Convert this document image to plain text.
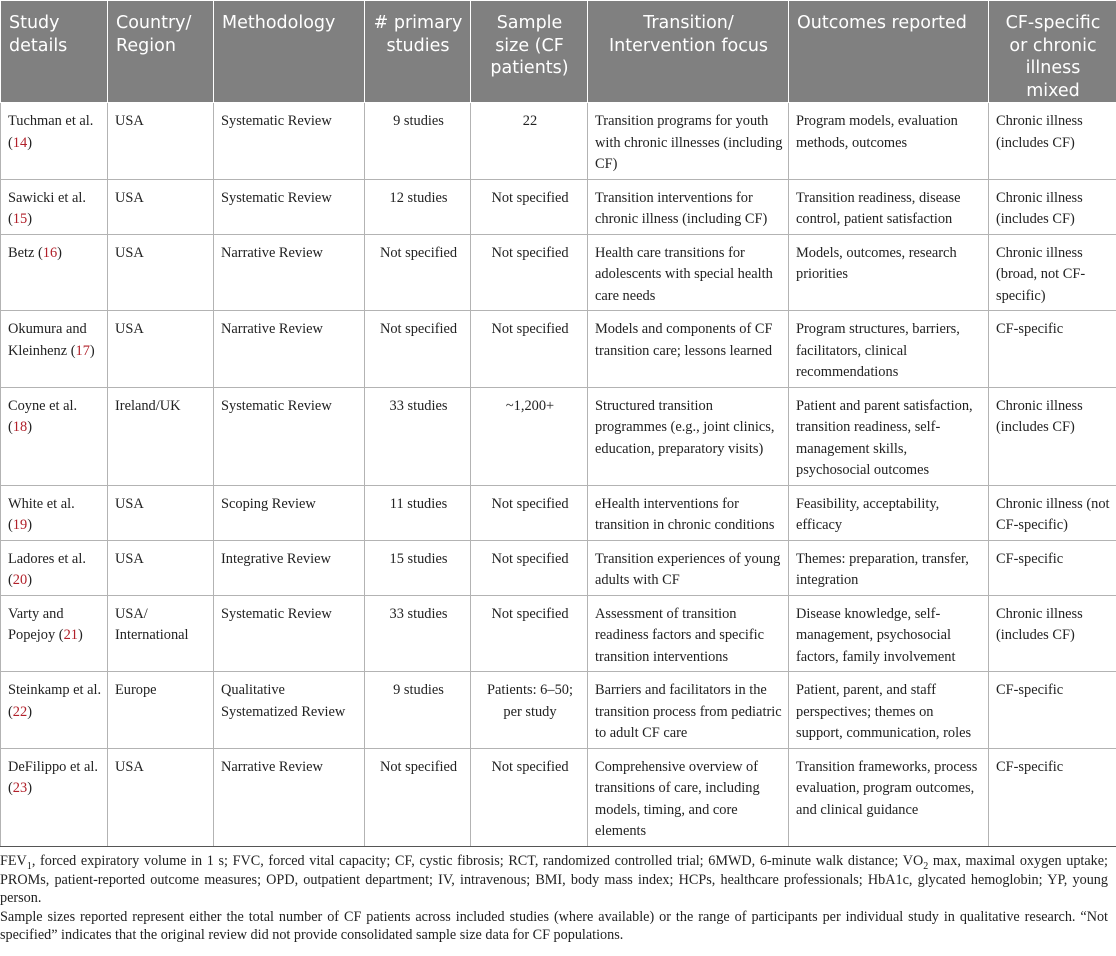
Study details	Country/ Region	Methodology	# primary studies	Sample size (CF patients)	Transition/ Intervention focus	Outcomes reported	CF-specific or chronic illness mixed
Tuchman et al. (14)	USA	Systematic Review	9 studies	22	Transition programs for youth with chronic illnesses (including CF)	Program models, evaluation methods, outcomes	Chronic illness (includes CF)
Sawicki et al. (15)	USA	Systematic Review	12 studies	Not specified	Transition interventions for chronic illness (including CF)	Transition readiness, disease control, patient satisfaction	Chronic illness (includes CF)
Betz (16)	USA	Narrative Review	Not specified	Not specified	Health care transitions for adolescents with special health care needs	Models, outcomes, research priorities	Chronic illness (broad, not CF-specific)
Okumura and Kleinhenz (17)	USA	Narrative Review	Not specified	Not specified	Models and components of CF transition care; lessons learned	Program structures, barriers, facilitators, clinical recommendations	CF-specific
Coyne et al. (18)	Ireland/UK	Systematic Review	33 studies	~1,200+	Structured transition programmes (e.g., joint clinics, education, preparatory visits)	Patient and parent satisfaction, transition readiness, self-management skills, psychosocial outcomes	Chronic illness (includes CF)
White et al. (19)	USA	Scoping Review	11 studies	Not specified	eHealth interventions for transition in chronic conditions	Feasibility, acceptability, efficacy	Chronic illness (not CF-specific)
Ladores et al. (20)	USA	Integrative Review	15 studies	Not specified	Transition experiences of young adults with CF	Themes: preparation, transfer, integration	CF-specific
Varty and Popejoy (21)	USA/ International	Systematic Review	33 studies	Not specified	Assessment of transition readiness factors and specific transition interventions	Disease knowledge, self-management, psychosocial factors, family involvement	Chronic illness (includes CF)
Steinkamp et al. (22)	Europe	Qualitative Systematized Review	9 studies	Patients: 6–50; per study	Barriers and facilitators in the transition process from pediatric to adult CF care	Patient, parent, and staff perspectives; themes on support, communication, roles	CF-specific
DeFilippo et al. (23)	USA	Narrative Review	Not specified	Not specified	Comprehensive overview of transitions of care, including models, timing, and core elements	Transition frameworks, process evaluation, program outcomes, and clinical guidance	CF-specific

$FEV_1$, forced expiratory volume in 1 s; FVC, forced vital capacity; CF, cystic fibrosis; RCT, randomized controlled trial; 6MWD, 6-minute walk distance; $VO_2$ max, maximal oxygen uptake; PROMs, patient-reported outcome measures; OPD, outpatient department; IV, intravenous; BMI, body mass index; HCPs, healthcare professionals; HbA1c, glycated hemoglobin; YP, young person.

Sample sizes reported represent either the total number of CF patients across included studies (where available) or the range of participants per individual study in qualitative research. “Not specified” indicates that the original review did not provide consolidated sample size data for CF populations.
